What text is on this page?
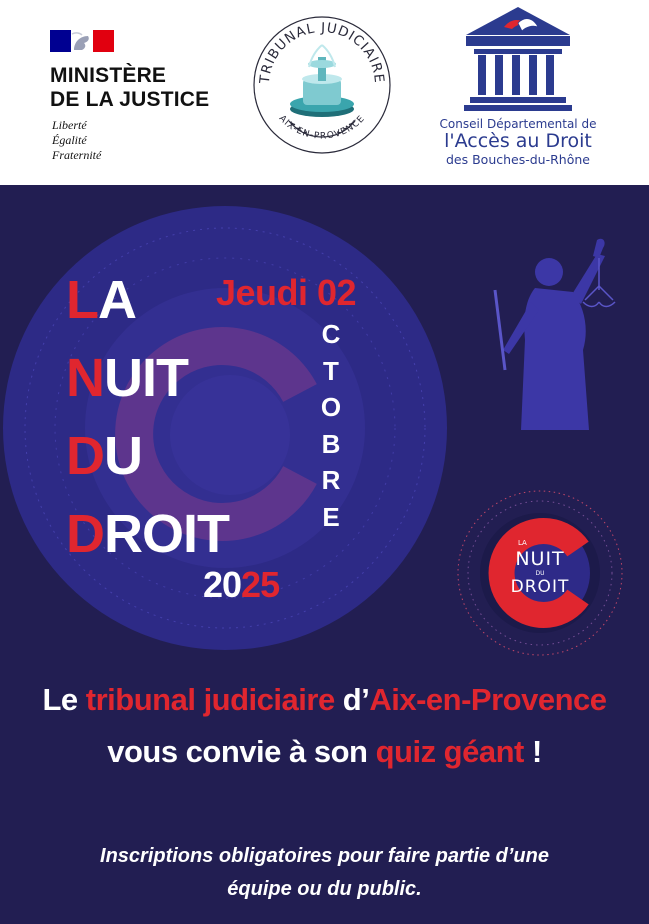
MINISTÈRE
DE LA JUSTICE
Liberté
Égalité
Fraternité
TRIBUNAL JUDICIAIRE
AIX-EN-PROVENCE	Conseil Départemental de
l'Accès au Droit
des Bouches-du-Rhône
LA
NUIT
DU
DROIT
LA
NUIT
DU
DROIT
Jeudi 02
C
T
O
B
R
E
2025
Le tribunal judiciaire d’Aix-en-Provence
vous convie à son quiz géant !
Inscriptions obligatoires pour faire partie d’une
équipe ou du public.
